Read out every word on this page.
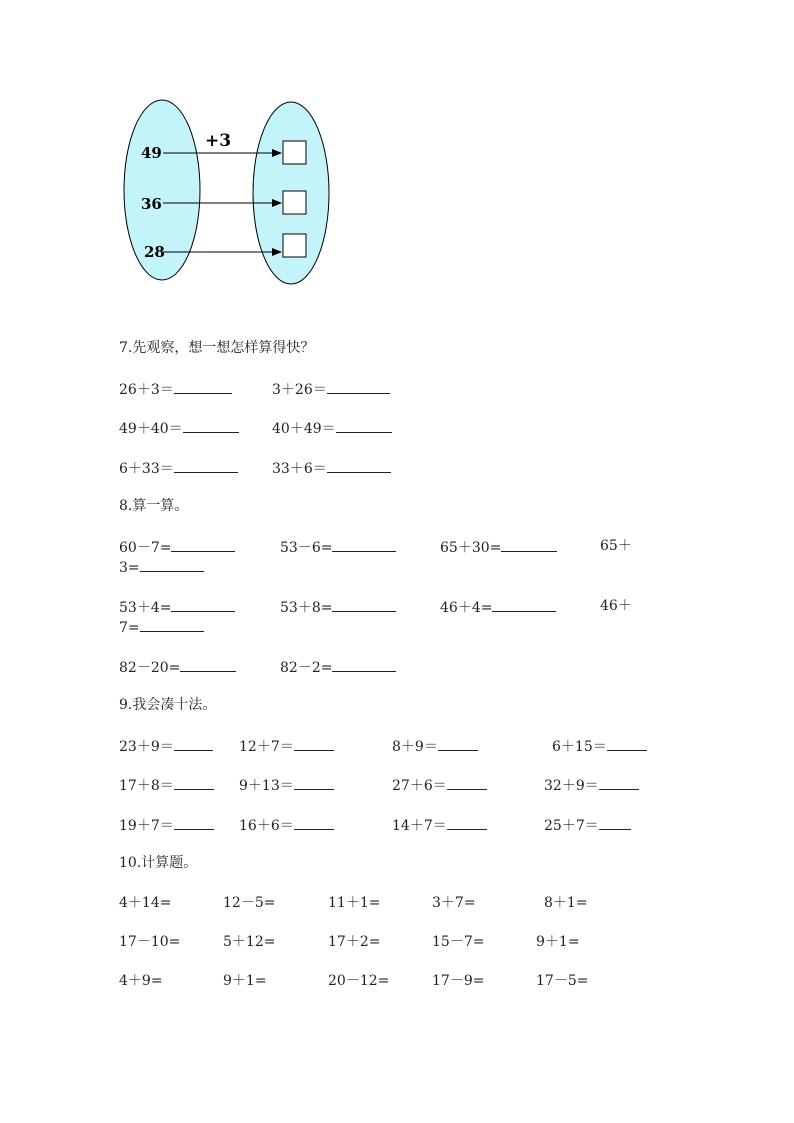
+3
49
36
28
7.先观察，想一想怎样算得快？
26＋3＝	3＋26＝
49＋40＝	40＋49＝
6＋33＝	33＋6＝
8.算一算。
60－7=	53－6=	65＋30=	65＋
3=
53＋4=	53＋8=	46＋4=	46＋
7=
82－20=	82－2=
9.我会凑十法。
23＋9＝	12＋7＝	8＋9＝	6＋15＝
17＋8＝	9＋13＝	27＋6＝	32＋9＝
19＋7＝	16＋6＝	14＋7＝	25＋7＝
10.计算题。
4＋14=	12－5=	11＋1=	3＋7=	8＋1=
17－10=	5＋12=	17＋2=	15－7=	9＋1=
4＋9=	9＋1=	20－12=	17－9=	17－5=
